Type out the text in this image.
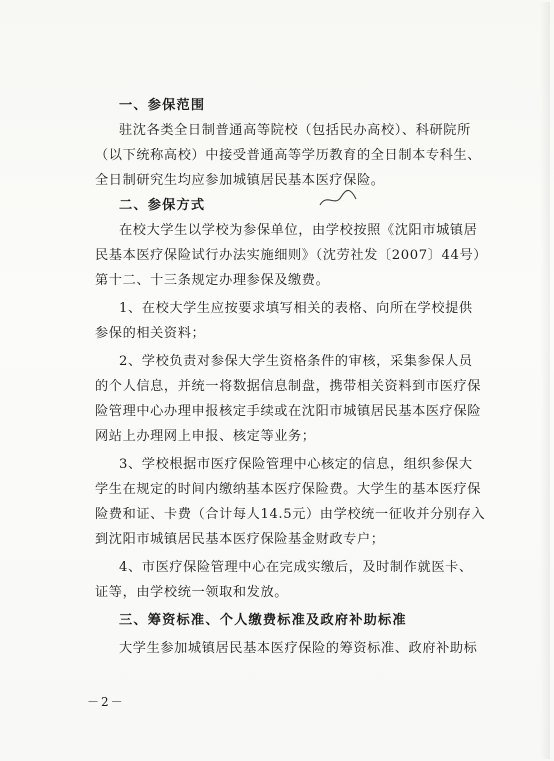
一、参保范围

驻沈各类全日制普通高等院校（包括民办高校）、科研院所

（以下统称高校）中接受普通高等学历教育的全日制本专科生、

全日制研究生均应参加城镇居民基本医疗保险。

二、参保方式

在校大学生以学校为参保单位，由学校按照《沈阳市城镇居

民基本医疗保险试行办法实施细则》（沈劳社发〔2007〕44号）

第十二、十三条规定办理参保及缴费。

1、在校大学生应按要求填写相关的表格、向所在学校提供

参保的相关资料；

2、学校负责对参保大学生资格条件的审核，采集参保人员

的个人信息，并统一将数据信息制盘，携带相关资料到市医疗保

险管理中心办理申报核定手续或在沈阳市城镇居民基本医疗保险

网站上办理网上申报、核定等业务；

3、学校根据市医疗保险管理中心核定的信息，组织参保大

学生在规定的时间内缴纳基本医疗保险费。大学生的基本医疗保

险费和证、卡费（合计每人14.5元）由学校统一征收并分别存入

到沈阳市城镇居民基本医疗保险基金财政专户；

4、市医疗保险管理中心在完成实缴后，及时制作就医卡、

证等，由学校统一领取和发放。

三、筹资标准、个人缴费标准及政府补助标准

大学生参加城镇居民基本医疗保险的筹资标准、政府补助标

－2－
